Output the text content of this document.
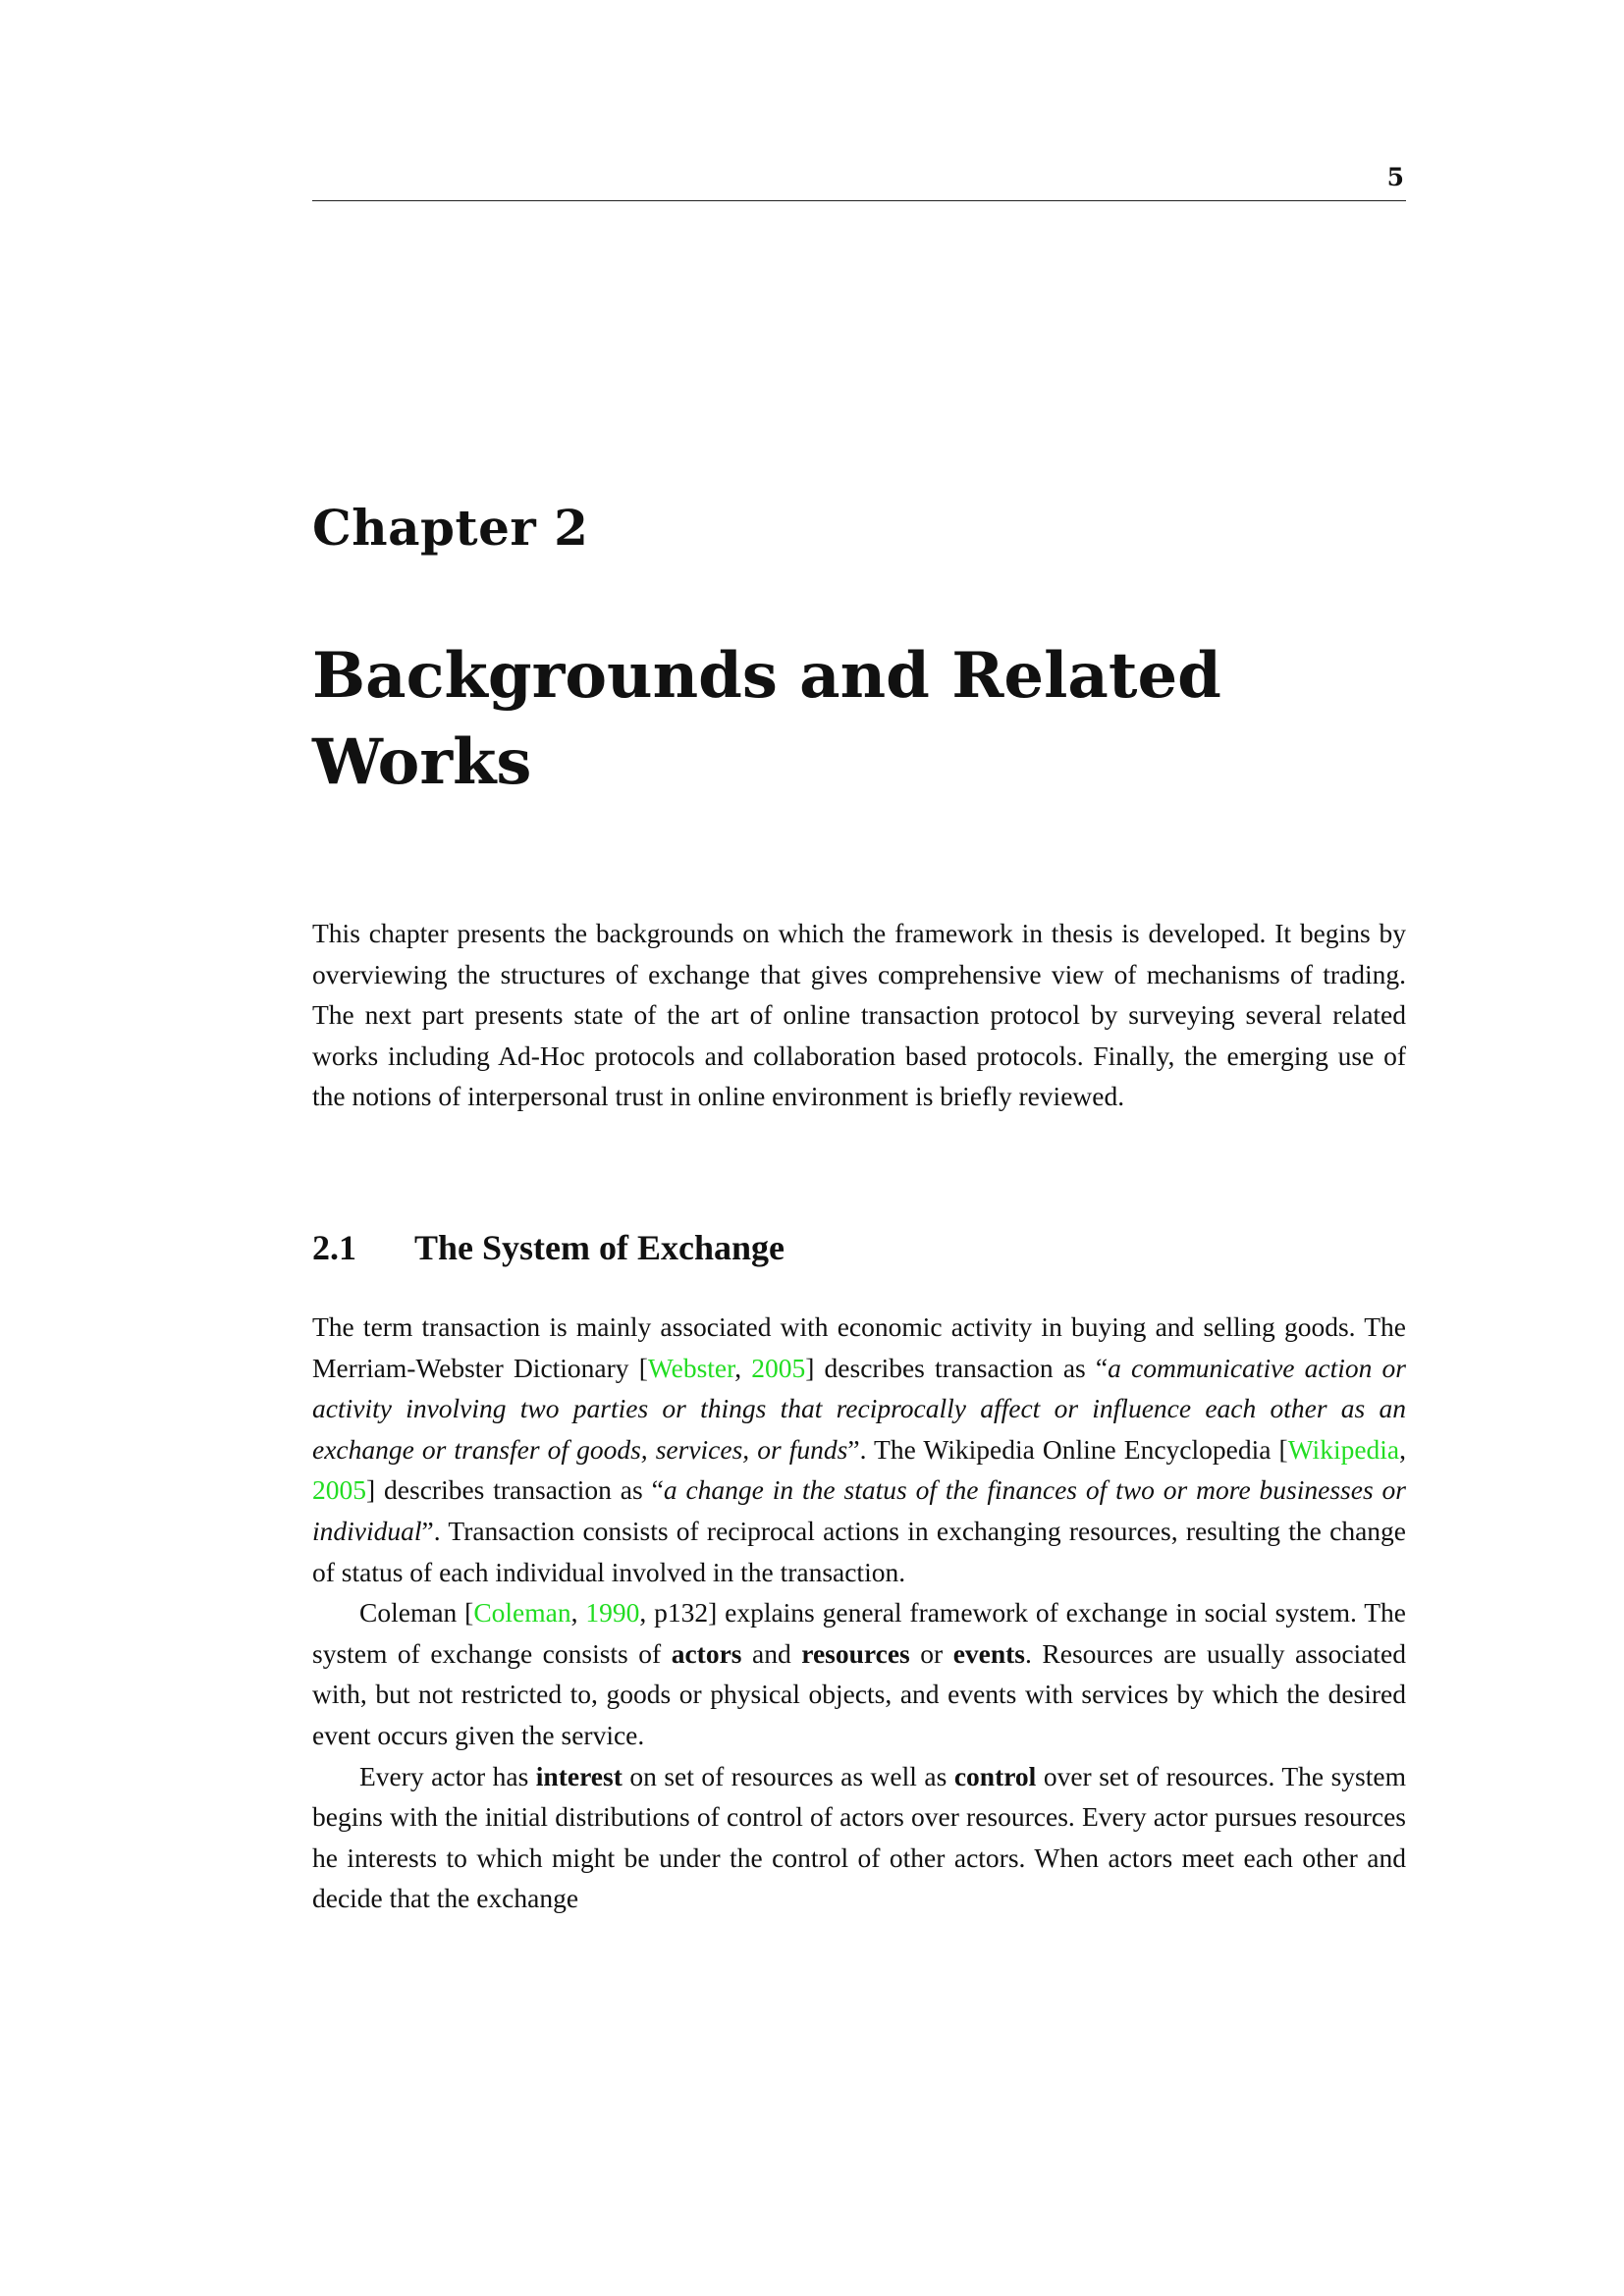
5
Chapter 2
Backgrounds and Related Works

This chapter presents the backgrounds on which the framework in thesis is developed. It begins by overviewing the structures of exchange that gives comprehensive view of mechanisms of trading. The next part presents state of the art of online transaction protocol by surveying several related works including Ad-Hoc protocols and collaboration based protocols. Finally, the emerging use of the notions of interpersonal trust in online environment is briefly reviewed.

2.1 The System of Exchange

The term transaction is mainly associated with economic activity in buying and selling goods. The Merriam-Webster Dictionary [Webster, 2005] describes transaction as “a communicative action or activity involving two parties or things that reciprocally affect or influence each other as an exchange or transfer of goods, services, or funds”. The Wikipedia Online Encyclopedia [Wikipedia, 2005] describes transaction as “a change in the status of the finances of two or more businesses or individual”. Transaction consists of reciprocal actions in exchanging resources, resulting the change of status of each individual involved in the transaction.

Coleman [Coleman, 1990, p132] explains general framework of exchange in social system. The system of exchange consists of actors and resources or events. Resources are usually associated with, but not restricted to, goods or physical objects, and events with services by which the desired event occurs given the service.

Every actor has interest on set of resources as well as control over set of resources. The system begins with the initial distributions of control of actors over resources. Every actor pursues resources he interests to which might be under the control of other actors. When actors meet each other and decide that the exchange
